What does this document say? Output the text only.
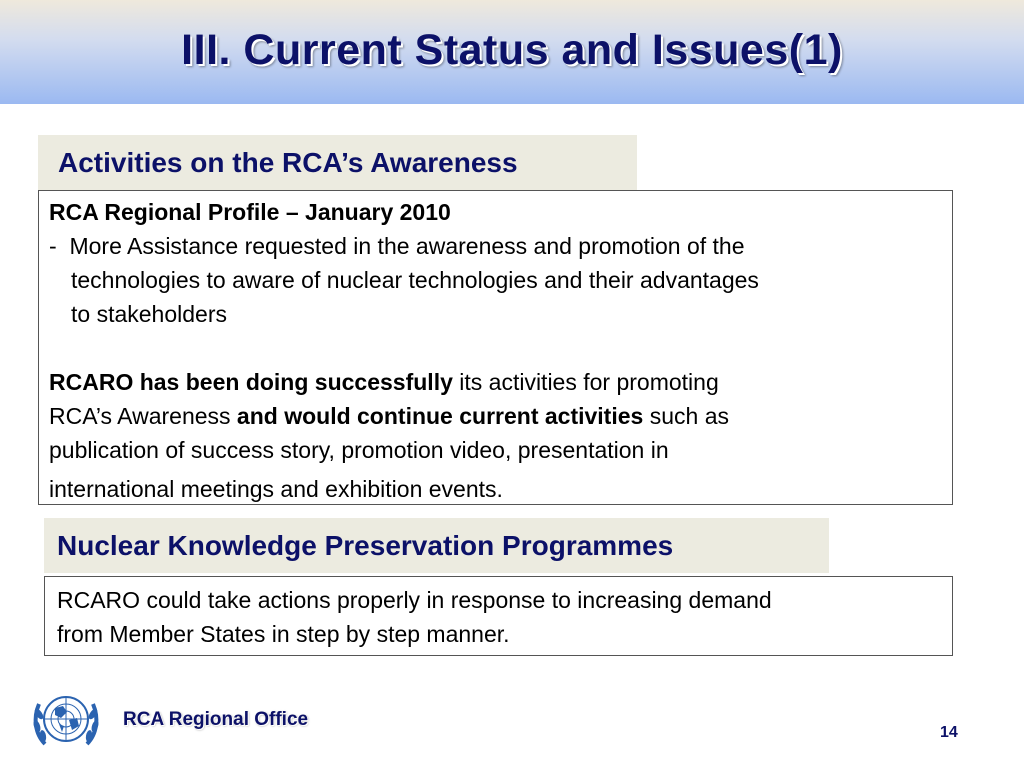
III. Current Status and Issues(1)
Activities on the RCA’s Awareness
RCA Regional Profile – January 2010
- More Assistance requested in the awareness and promotion of the
technologies to aware of nuclear technologies and their advantages
to stakeholders
RCARO has been doing successfully its activities for promoting
RCA’s Awareness and would continue current activities such as
publication of success story, promotion video, presentation in
international meetings and exhibition events.
Nuclear Knowledge Preservation Programmes
RCARO could take actions properly in response to increasing demand
from Member States in step by step manner.
RCA Regional Office
14
